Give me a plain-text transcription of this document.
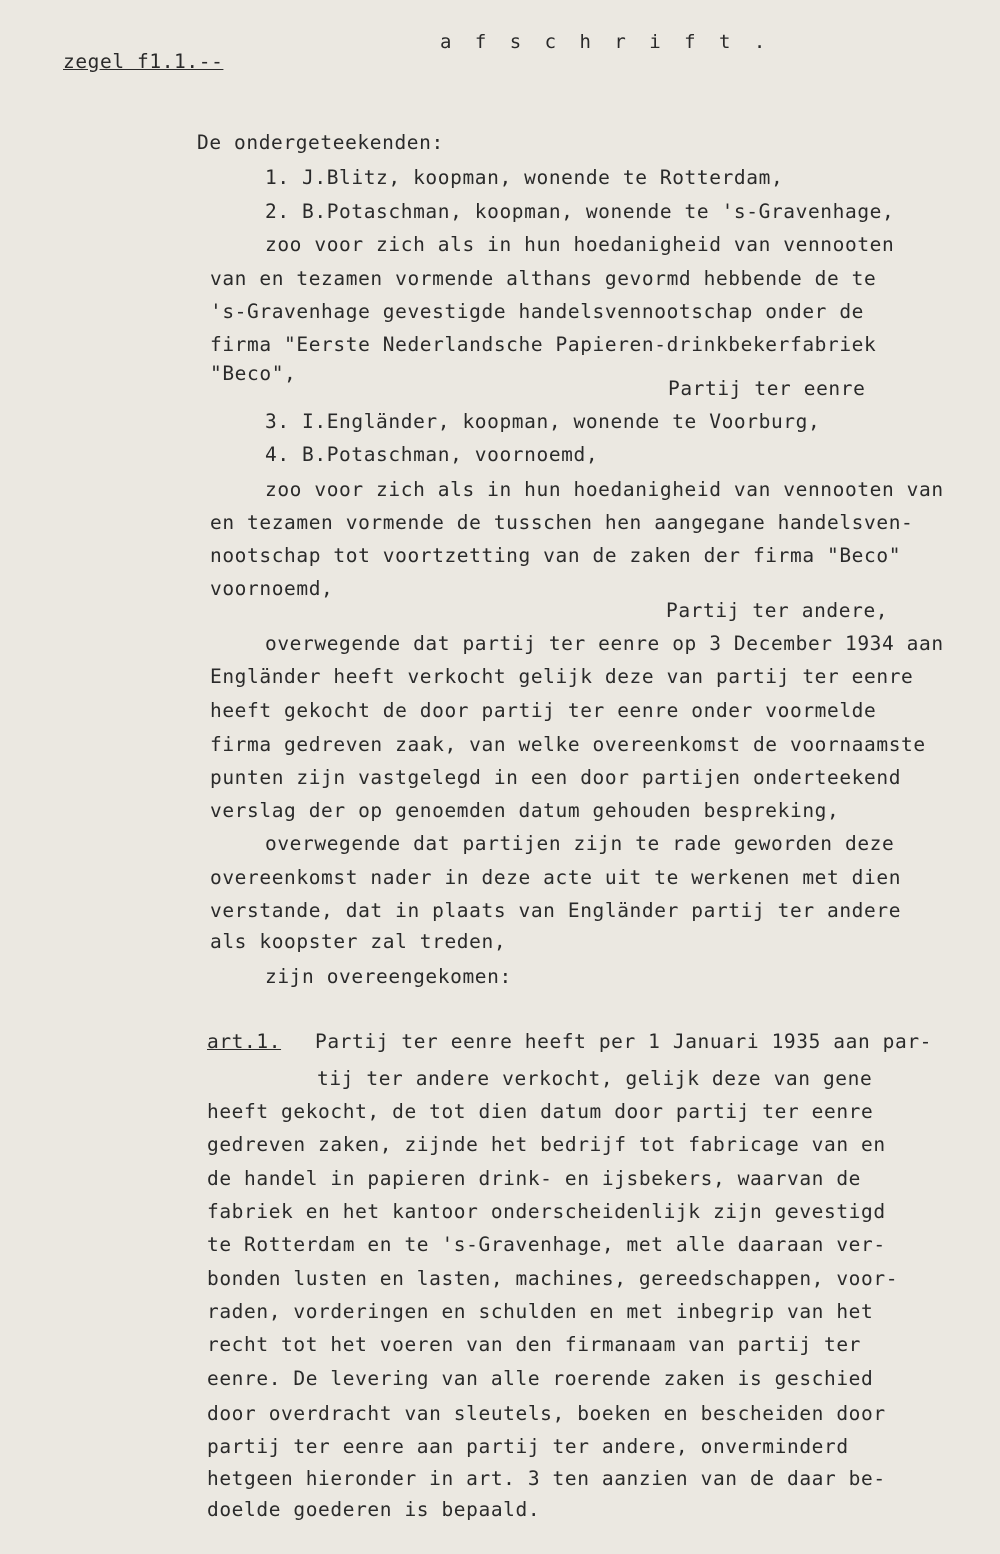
a f s c h r i f t .
zegel f1.1.--
De ondergeteekenden:
1. J.Blitz, koopman, wonende te Rotterdam,
2. B.Potaschman, koopman, wonende te 's-Gravenhage,
zoo voor zich als in hun hoedanigheid van vennooten
van en tezamen vormende althans gevormd hebbende de te
's-Gravenhage gevestigde handelsvennootschap onder de
firma "Eerste Nederlandsche Papieren-drinkbekerfabriek
"Beco",
Partij ter eenre
3. I.Engländer, koopman, wonende te Voorburg,
4. B.Potaschman, voornoemd,
zoo voor zich als in hun hoedanigheid van vennooten van
en tezamen vormende de tusschen hen aangegane handelsven-
nootschap tot voortzetting van de zaken der firma "Beco"
voornoemd,
Partij ter andere,
overwegende dat partij ter eenre op 3 December 1934 aan
Engländer heeft verkocht gelijk deze van partij ter eenre
heeft gekocht de door partij ter eenre onder voormelde
firma gedreven zaak, van welke overeenkomst de voornaamste
punten zijn vastgelegd in een door partijen onderteekend
verslag der op genoemden datum gehouden bespreking,
overwegende dat partijen zijn te rade geworden deze
overeenkomst nader in deze acte uit te werkenen met dien
verstande, dat in plaats van Engländer partij ter andere
als koopster zal treden,
zijn overeengekomen:
art.1. Partij ter eenre heeft per 1 Januari 1935 aan par-
tij ter andere verkocht, gelijk deze van gene
heeft gekocht, de tot dien datum door partij ter eenre
gedreven zaken, zijnde het bedrijf tot fabricage van en
de handel in papieren drink- en ijsbekers, waarvan de
fabriek en het kantoor onderscheidenlijk zijn gevestigd
te Rotterdam en te 's-Gravenhage, met alle daaraan ver-
bonden lusten en lasten, machines, gereedschappen, voor-
raden, vorderingen en schulden en met inbegrip van het
recht tot het voeren van den firmanaam van partij ter
eenre. De levering van alle roerende zaken is geschied
door overdracht van sleutels, boeken en bescheiden door
partij ter eenre aan partij ter andere, onverminderd
hetgeen hieronder in art. 3 ten aanzien van de daar be-
doelde goederen is bepaald.
